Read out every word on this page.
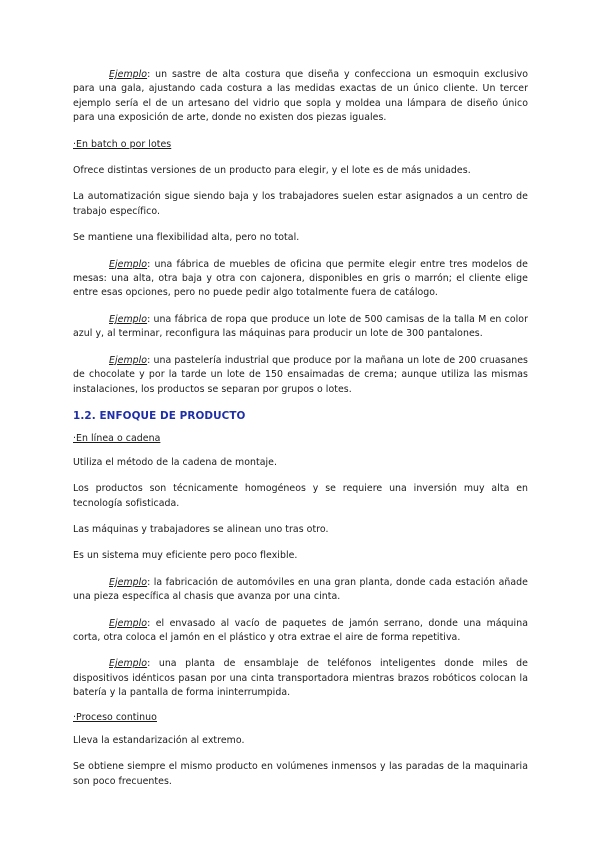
Ejemplo: un sastre de alta costura que diseña y confecciona un esmoquin exclusivo para una gala, ajustando cada costura a las medidas exactas de un único cliente. Un tercer ejemplo sería el de un artesano del vidrio que sopla y moldea una lámpara de diseño único para una exposición de arte, donde no existen dos piezas iguales.

·En batch o por lotes

Ofrece distintas versiones de un producto para elegir, y el lote es de más unidades.

La automatización sigue siendo baja y los trabajadores suelen estar asignados a un centro de trabajo específico.

Se mantiene una flexibilidad alta, pero no total.

Ejemplo: una fábrica de muebles de oficina que permite elegir entre tres modelos de mesas: una alta, otra baja y otra con cajonera, disponibles en gris o marrón; el cliente elige entre esas opciones, pero no puede pedir algo totalmente fuera de catálogo.

Ejemplo: una fábrica de ropa que produce un lote de 500 camisas de la talla M en color azul y, al terminar, reconfigura las máquinas para producir un lote de 300 pantalones.

Ejemplo: una pastelería industrial que produce por la mañana un lote de 200 cruasanes de chocolate y por la tarde un lote de 150 ensaimadas de crema; aunque utiliza las mismas instalaciones, los productos se separan por grupos o lotes.

1.2. ENFOQUE DE PRODUCTO

·En línea o cadena

Utiliza el método de la cadena de montaje.

Los productos son técnicamente homogéneos y se requiere una inversión muy alta en tecnología sofisticada.

Las máquinas y trabajadores se alinean uno tras otro.

Es un sistema muy eficiente pero poco flexible.

Ejemplo: la fabricación de automóviles en una gran planta, donde cada estación añade una pieza específica al chasis que avanza por una cinta.

Ejemplo: el envasado al vacío de paquetes de jamón serrano, donde una máquina corta, otra coloca el jamón en el plástico y otra extrae el aire de forma repetitiva.

Ejemplo: una planta de ensamblaje de teléfonos inteligentes donde miles de dispositivos idénticos pasan por una cinta transportadora mientras brazos robóticos colocan la batería y la pantalla de forma ininterrumpida.

·Proceso continuo

Lleva la estandarización al extremo.

Se obtiene siempre el mismo producto en volúmenes inmensos y las paradas de la maquinaria son poco frecuentes.
